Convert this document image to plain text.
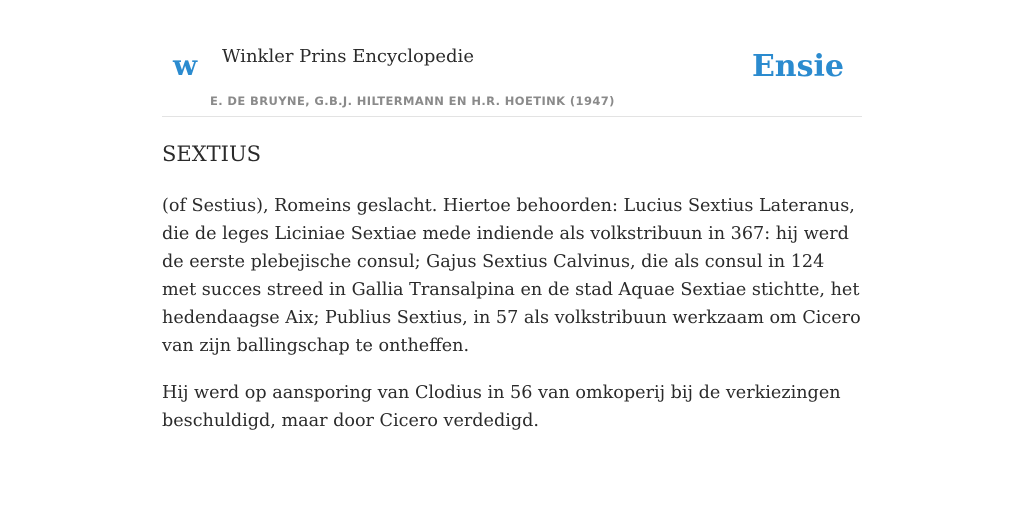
w Winkler Prins Encyclopedie
E. DE BRUYNE, G.B.J. HILTERMANN EN H.R. HOETINK (1947)
Ensie
SEXTIUS

(of Sestius), Romeins geslacht. Hiertoe behoorden: Lucius Sextius Lateranus, die de leges Liciniae Sextiae mede indiende als volkstribuun in 367: hij werd de eerste plebejische consul; Gajus Sextius Calvinus, die als consul in 124 met succes streed in Gallia Transalpina en de stad Aquae Sextiae stichtte, het hedendaagse Aix; Publius Sextius, in 57 als volkstribuun werkzaam om Cicero van zijn ballingschap te ontheffen.

Hij werd op aansporing van Clodius in 56 van omkoperij bij de verkiezingen beschuldigd, maar door Cicero verdedigd.
